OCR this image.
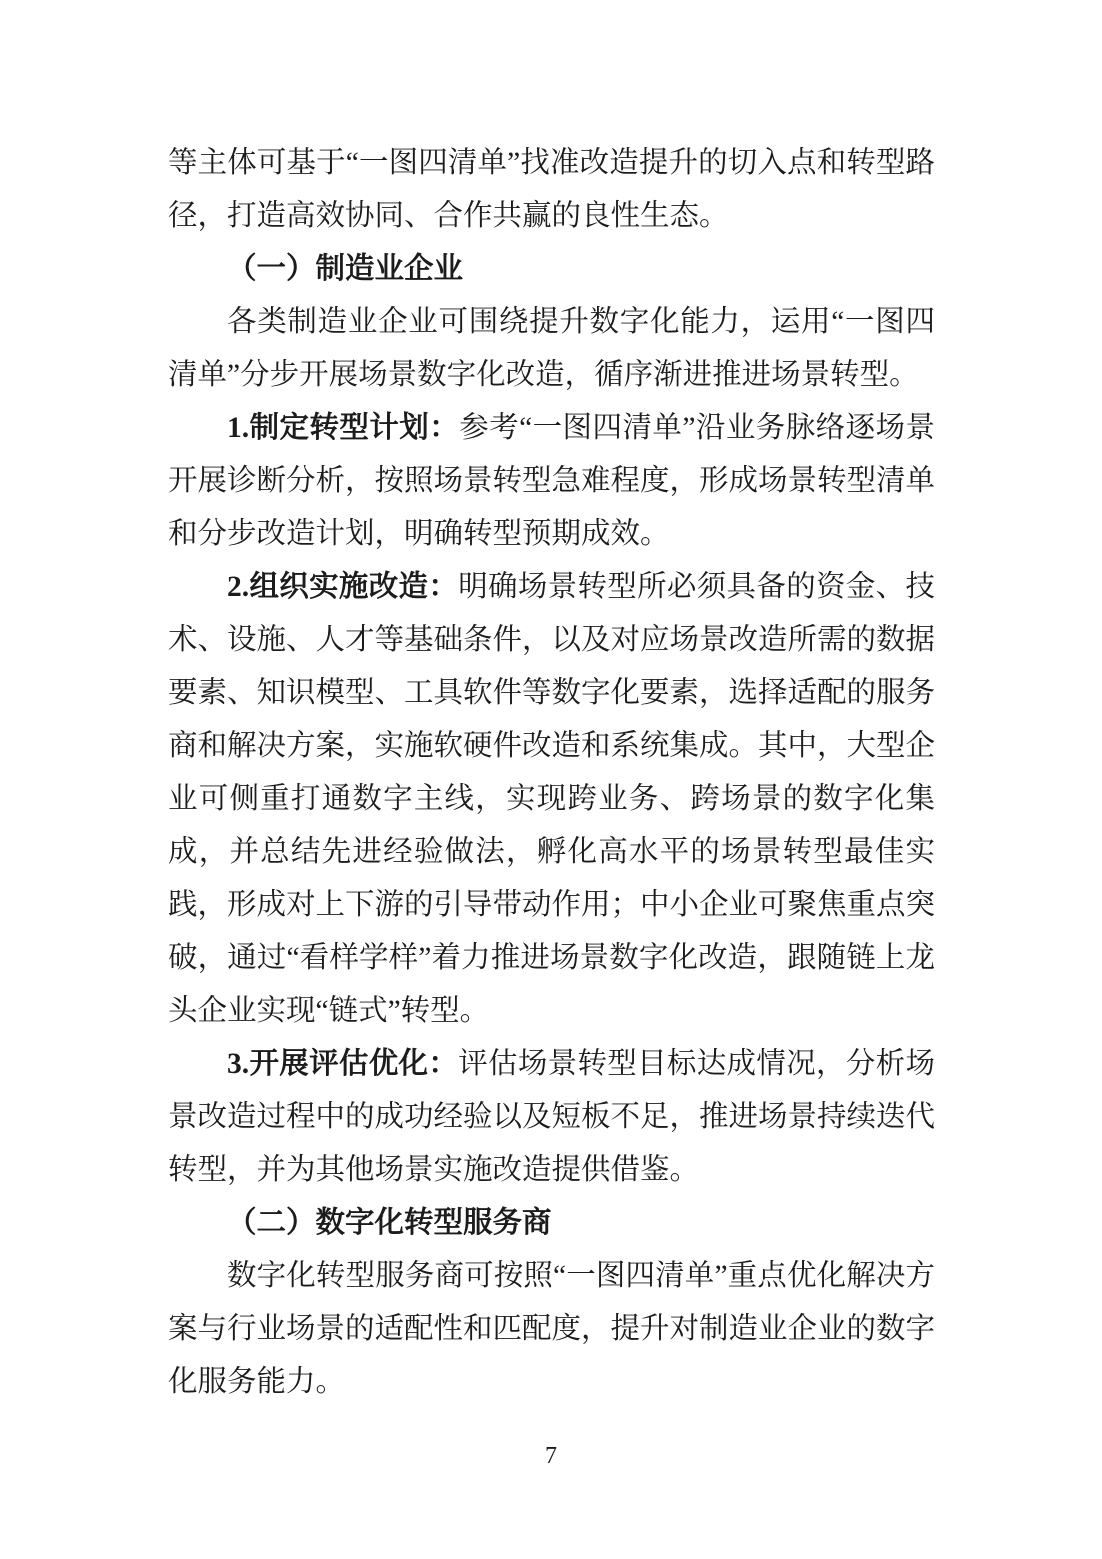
等主体可基于“一图四清单”找准改造提升的切入点和转型路径，打造高效协同、合作共赢的良性生态。

（一）制造业企业

各类制造业企业可围绕提升数字化能力，运用“一图四清单”分步开展场景数字化改造，循序渐进推进场景转型。

1.制定转型计划：参考“一图四清单”沿业务脉络逐场景开展诊断分析，按照场景转型急难程度，形成场景转型清单和分步改造计划，明确转型预期成效。

2.组织实施改造：明确场景转型所必须具备的资金、技术、设施、人才等基础条件，以及对应场景改造所需的数据要素、知识模型、工具软件等数字化要素，选择适配的服务商和解决方案，实施软硬件改造和系统集成。其中，大型企业可侧重打通数字主线，实现跨业务、跨场景的数字化集成，并总结先进经验做法，孵化高水平的场景转型最佳实践，形成对上下游的引导带动作用；中小企业可聚焦重点突破，通过“看样学样”着力推进场景数字化改造，跟随链上龙头企业实现“链式”转型。

3.开展评估优化：评估场景转型目标达成情况，分析场景改造过程中的成功经验以及短板不足，推进场景持续迭代转型，并为其他场景实施改造提供借鉴。

（二）数字化转型服务商

数字化转型服务商可按照“一图四清单”重点优化解决方案与行业场景的适配性和匹配度，提升对制造业企业的数字化服务能力。

7
